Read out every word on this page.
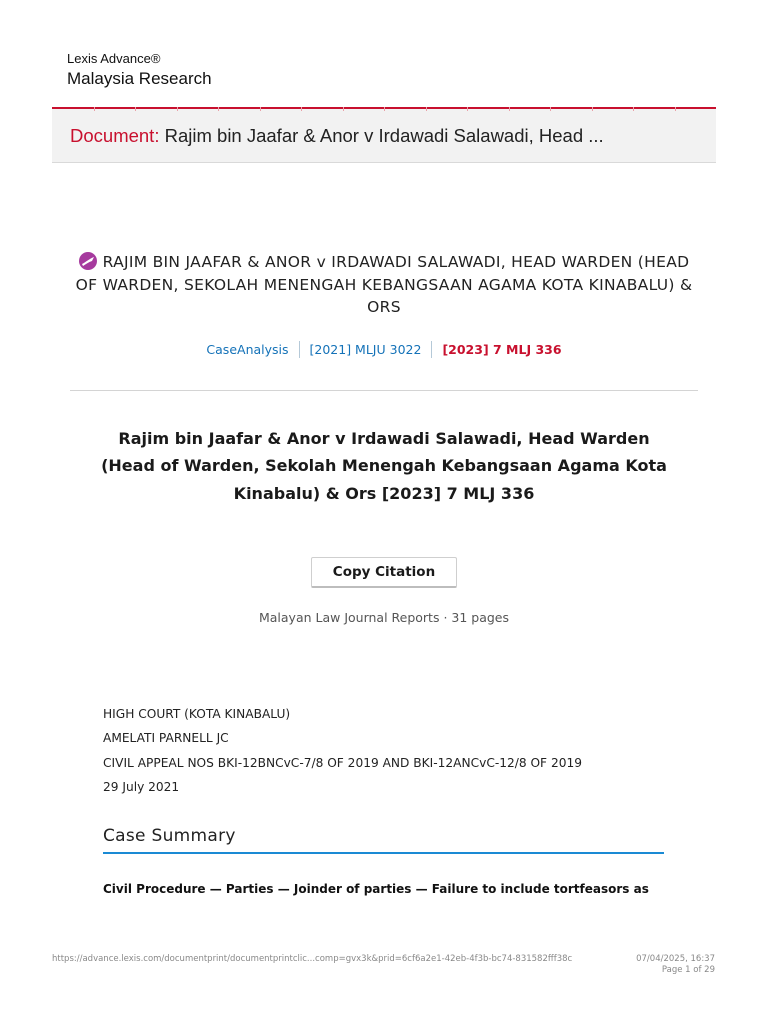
Lexis Advance®
Malaysia Research
Document: Rajim bin Jaafar & Anor v Irdawadi Salawadi, Head ...
RAJIM BIN JAAFAR & ANOR v IRDAWADI SALAWADI, HEAD WARDEN (HEAD OF WARDEN, SEKOLAH MENENGAH KEBANGSAAN AGAMA KOTA KINABALU) & ORS
CaseAnalysis [2021] MLJU 3022 [2023] 7 MLJ 336
Rajim bin Jaafar & Anor v Irdawadi Salawadi, Head Warden (Head of Warden, Sekolah Menengah Kebangsaan Agama Kota Kinabalu) & Ors [2023] 7 MLJ 336
Copy Citation
Malayan Law Journal Reports · 31 pages
HIGH COURT (KOTA KINABALU)
AMELATI PARNELL JC
CIVIL APPEAL NOS BKI-12BNCvC-7/8 OF 2019 AND BKI-12ANCvC-12/8 OF 2019
29 July 2021
Case Summary
Civil Procedure — Parties — Joinder of parties — Failure to include tortfeasors as
https://advance.lexis.com/documentprint/documentprintclic...comp=gvx3k&prid=6cf6a2e1-42eb-4f3b-bc74-831582fff38c	07/04/2025, 16:37
Page 1 of 29
